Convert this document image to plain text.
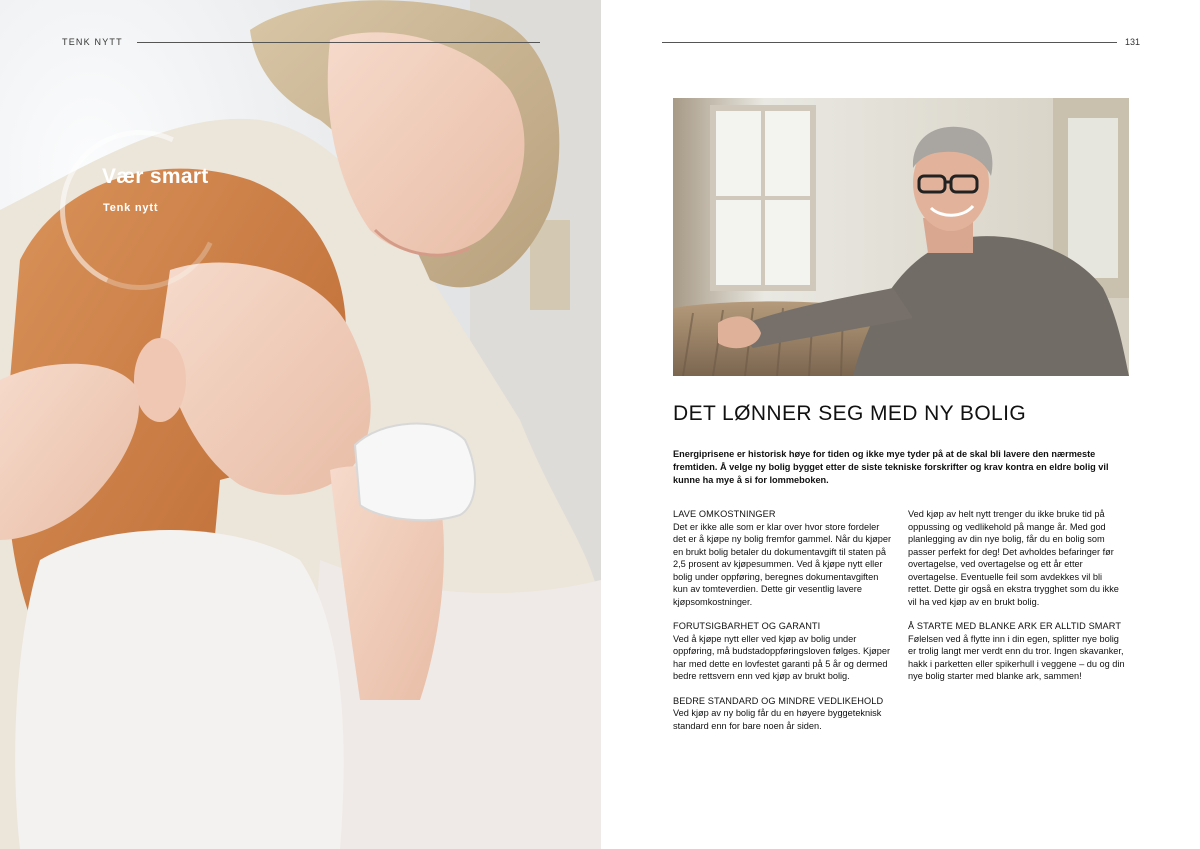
TENK NYTT
Vær smart
Tenk nytt
131
DET LØNNER SEG MED NY BOLIG
Energiprisene er historisk høye for tiden og ikke mye tyder på at de skal bli lavere den nærmeste fremtiden. Å velge ny bolig bygget etter de siste tekniske forskrifter og krav kontra en eldre bolig vil kunne ha mye å si for lommeboken.
LAVE OMKOSTNINGER
Det er ikke alle som er klar over hvor store fordeler det er å kjøpe ny bolig fremfor gammel. Når du kjøper en brukt bolig betaler du dokumentavgift til staten på 2,5 prosent av kjøpesummen. Ved å kjøpe nytt eller bolig under oppføring, beregnes dokumentavgiften kun av tomteverdien. Dette gir vesentlig lavere kjøpsomkostninger.
FORUTSIGBARHET OG GARANTI
Ved å kjøpe nytt eller ved kjøp av bolig under oppføring, må budstadoppføringsloven følges. Kjøper har med dette en lovfestet garanti på 5 år og dermed bedre rettsvern enn ved kjøp av brukt bolig.
BEDRE STANDARD OG MINDRE VEDLIKEHOLD
Ved kjøp av ny bolig får du en høyere byggeteknisk standard enn for bare noen år siden.
Ved kjøp av helt nytt trenger du ikke bruke tid på oppussing og vedlikehold på mange år. Med god planlegging av din nye bolig, får du en bolig som passer perfekt for deg! Det avholdes befaringer før overtagelse, ved overtagelse og ett år etter overtagelse. Eventuelle feil som avdekkes vil bli rettet. Dette gir også en ekstra trygghet som du ikke vil ha ved kjøp av en brukt bolig.
Å STARTE MED BLANKE ARK ER ALLTID SMART
Følelsen ved å flytte inn i din egen, splitter nye bolig er trolig langt mer verdt enn du tror. Ingen skavanker, hakk i parketten eller spikerhull i veggene – du og din nye bolig starter med blanke ark, sammen!
